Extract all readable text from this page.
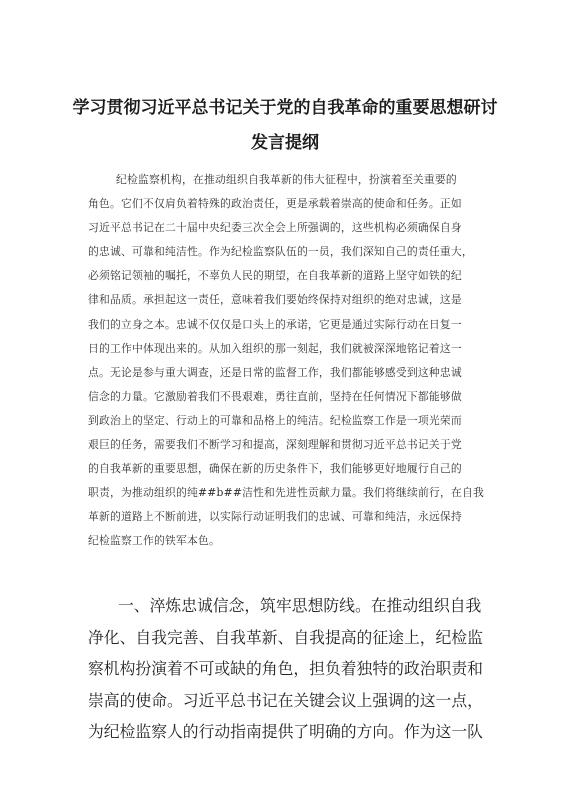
学习贯彻习近平总书记关于党的自我革命的重要思想研讨
发言提纲
纪检监察机构，在推动组织自我革新的伟大征程中，扮演着至关重要的
角色。它们不仅肩负着特殊的政治责任，更是承载着崇高的使命和任务。正如
习近平总书记在二十届中央纪委三次全会上所强调的，这些机构必须确保自身
的忠诚、可靠和纯洁性。作为纪检监察队伍的一员，我们深知自己的责任重大，
必须铭记领袖的嘱托，不辜负人民的期望，在自我革新的道路上坚守如铁的纪
律和品质。承担起这一责任，意味着我们要始终保持对组织的绝对忠诚，这是
我们的立身之本。忠诚不仅仅是口头上的承诺，它更是通过实际行动在日复一
日的工作中体现出来的。从加入组织的那一刻起，我们就被深深地铭记着这一
点。无论是参与重大调查，还是日常的监督工作，我们都能够感受到这种忠诚
信念的力量。它激励着我们不畏艰难，勇往直前，坚持在任何情况下都能够做
到政治上的坚定、行动上的可靠和品格上的纯洁。纪检监察工作是一项光荣而
艰巨的任务，需要我们不断学习和提高，深刻理解和贯彻习近平总书记关于党
的自我革新的重要思想，确保在新的历史条件下，我们能够更好地履行自己的
职责，为推动组织的纯##b##洁性和先进性贡献力量。我们将继续前行，在自我
革新的道路上不断前进，以实际行动证明我们的忠诚、可靠和纯洁，永远保持
纪检监察工作的铁军本色。
一、淬炼忠诚信念，筑牢思想防线。在推动组织自我
净化、自我完善、自我革新、自我提高的征途上，纪检监
察机构扮演着不可或缺的角色，担负着独特的政治职责和
崇高的使命。习近平总书记在关键会议上强调的这一点，
为纪检监察人的行动指南提供了明确的方向。作为这一队
